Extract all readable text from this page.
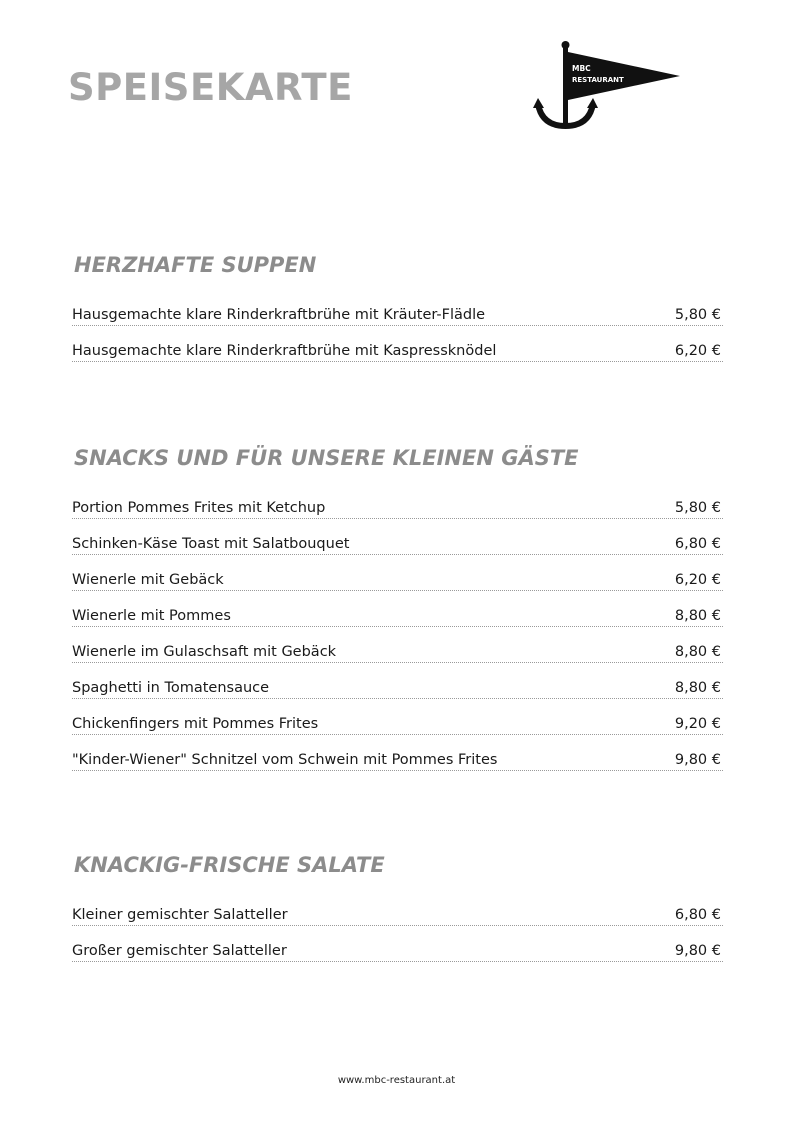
SPEISEKARTE	MBC
RESTAURANT
HERZHAFTE SUPPEN
Hausgemachte klare Rinderkraftbrühe mit Kräuter-Flädle	5,80 €
Hausgemachte klare Rinderkraftbrühe mit Kaspressknödel	6,20 €
SNACKS UND FÜR UNSERE KLEINEN GÄSTE
Portion Pommes Frites mit Ketchup	5,80 €
Schinken-Käse Toast mit Salatbouquet	6,80 €
Wienerle mit Gebäck	6,20 €
Wienerle mit Pommes	8,80 €
Wienerle im Gulaschsaft mit Gebäck	8,80 €
Spaghetti in Tomatensauce	8,80 €
Chickenfingers mit Pommes Frites	9,20 €
"Kinder-Wiener" Schnitzel vom Schwein mit Pommes Frites	9,80 €
KNACKIG-FRISCHE SALATE
Kleiner gemischter Salatteller	6,80 €
Großer gemischter Salatteller	9,80 €
www.mbc-restaurant.at
